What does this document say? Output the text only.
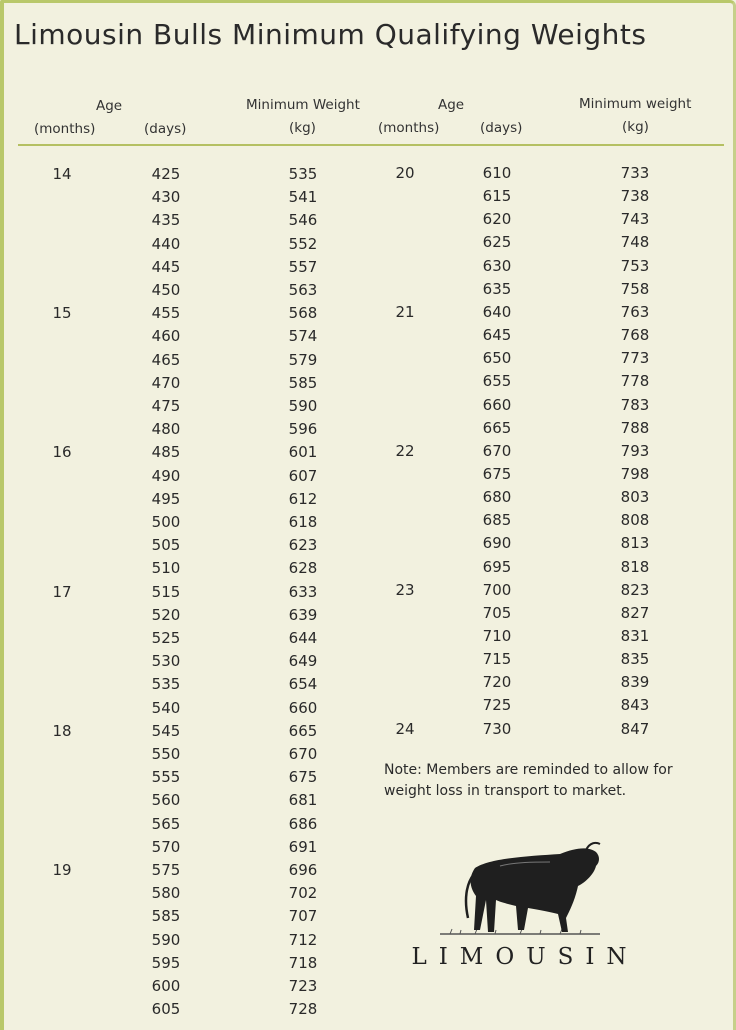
Limousin Bulls Minimum Qualifying Weights
Age
(months)	(days)
Minimum Weight
(kg)
Age
(months)	(days)
Minimum weight
(kg)
14	425	535
430	541
435	546
440	552
445	557
450	563
15	455	568
460	574
465	579
470	585
475	590
480	596
16	485	601
490	607
495	612
500	618
505	623
510	628
17	515	633
520	639
525	644
530	649
535	654
540	660
18	545	665
550	670
555	675
560	681
565	686
570	691
19	575	696
580	702
585	707
590	712
595	718
600	723
605	728
20	610	733
615	738
620	743
625	748
630	753
635	758
21	640	763
645	768
650	773
655	778
660	783
665	788
22	670	793
675	798
680	803
685	808
690	813
695	818
23	700	823
705	827
710	831
715	835
720	839
725	843
24	730	847
Note: Members are reminded to allow for weight loss in transport to market.
LIMOUSIN
